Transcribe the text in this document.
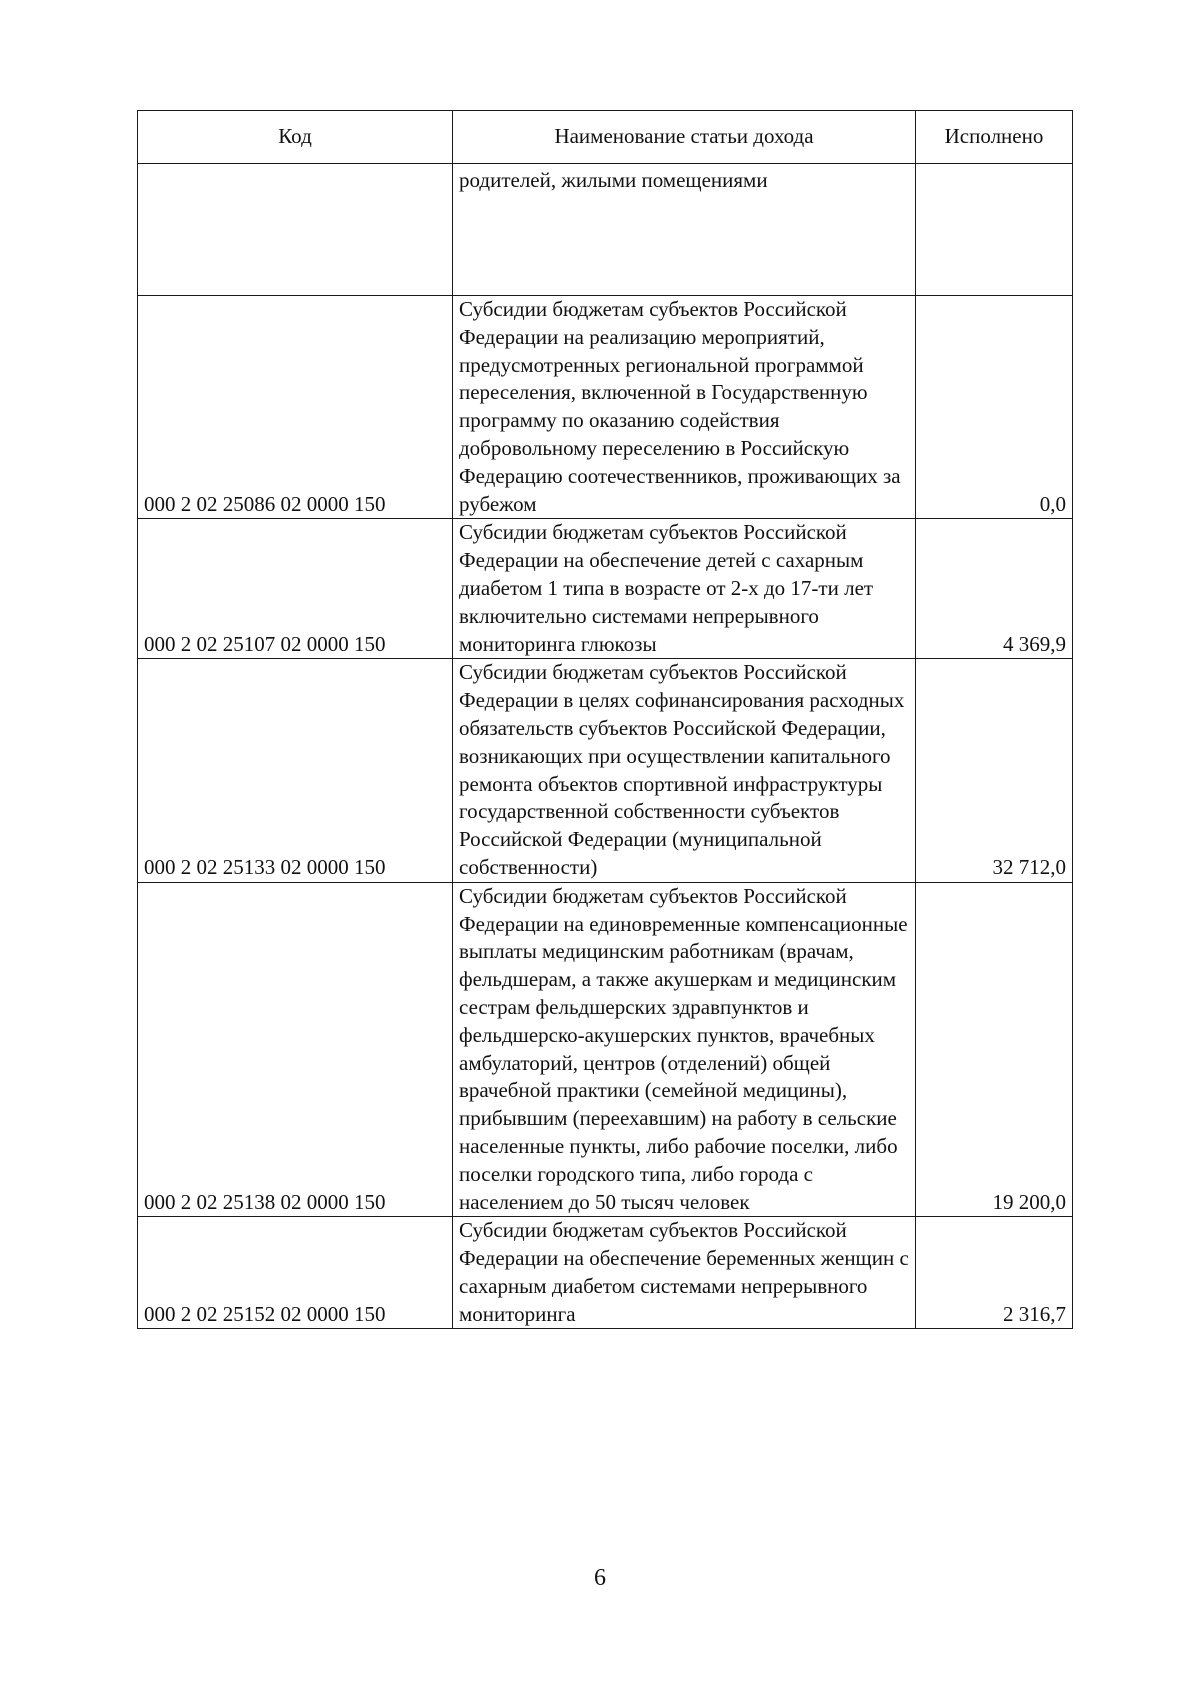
Код	Наименование статьи дохода	Исполнено
	родителей, жилыми помещениями	
000 2 02 25086 02 0000 150	Субсидии бюджетам субъектов Российской Федерации на реализацию мероприятий, предусмотренных региональной программой переселения, включенной в Государственную программу по оказанию содействия добровольному переселению в Российскую Федерацию соотечественников, проживающих за рубежом	0,0
000 2 02 25107 02 0000 150	Субсидии бюджетам субъектов Российской Федерации на обеспечение детей с сахарным диабетом 1 типа в возрасте от 2-х до 17-ти лет включительно системами непрерывного мониторинга глюкозы	4 369,9
000 2 02 25133 02 0000 150	Субсидии бюджетам субъектов Российской Федерации в целях софинансирования расходных обязательств субъектов Российской Федерации, возникающих при осуществлении капитального ремонта объектов спортивной инфраструктуры государственной собственности субъектов Российской Федерации (муниципальной собственности)	32 712,0
000 2 02 25138 02 0000 150	Субсидии бюджетам субъектов Российской Федерации на единовременные компенсационные выплаты медицинским работникам (врачам, фельдшерам, а также акушеркам и медицинским сестрам фельдшерских здравпунктов и фельдшерско-акушерских пунктов, врачебных амбулаторий, центров (отделений) общей врачебной практики (семейной медицины), прибывшим (переехавшим) на работу в сельские населенные пункты, либо рабочие поселки, либо поселки городского типа, либо города с населением до 50 тысяч человек	19 200,0
000 2 02 25152 02 0000 150	Субсидии бюджетам субъектов Российской Федерации на обеспечение беременных женщин с сахарным диабетом системами непрерывного мониторинга	2 316,7
6
